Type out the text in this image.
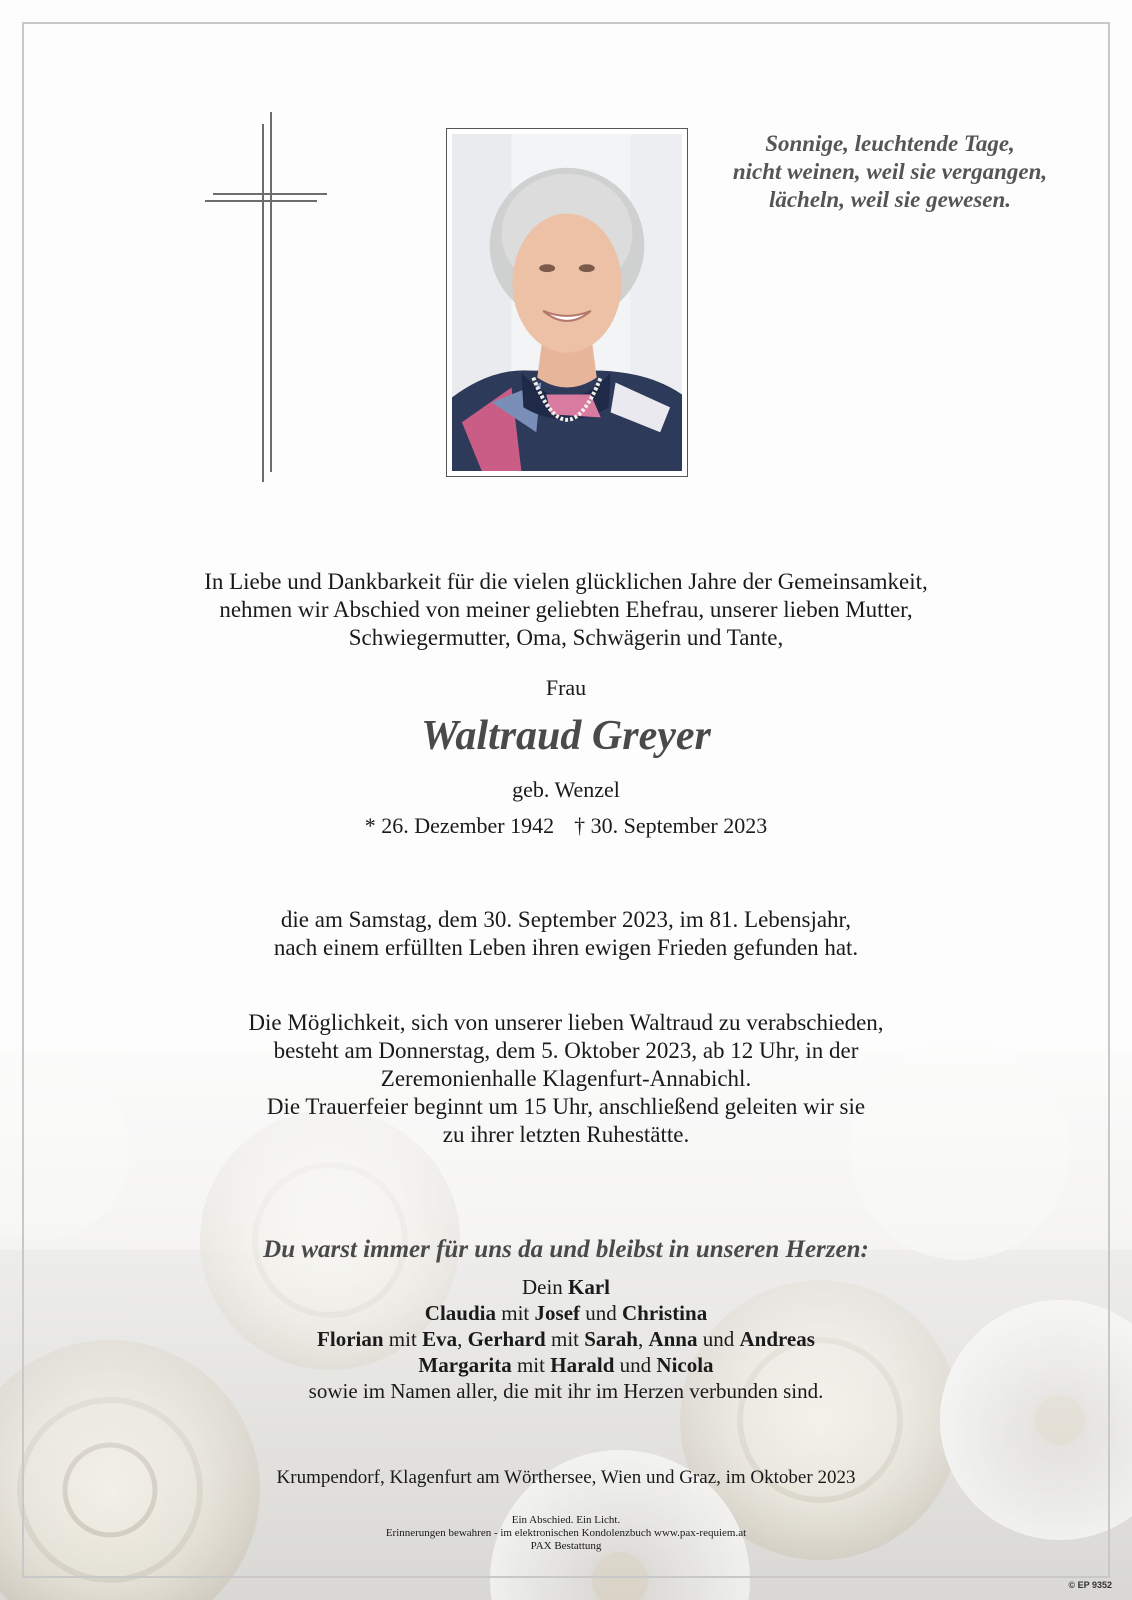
Sonnige, leuchtende Tage,
nicht weinen, weil sie vergangen,
lächeln, weil sie gewesen.
In Liebe und Dankbarkeit für die vielen glücklichen Jahre der Gemeinsamkeit,
nehmen wir Abschied von meiner geliebten Ehefrau, unserer lieben Mutter,
Schwiegermutter, Oma, Schwägerin und Tante,
Frau
Waltraud Greyer
geb. Wenzel
* 26. Dezember 1942 † 30. September 2023
die am Samstag, dem 30. September 2023, im 81. Lebensjahr,
nach einem erfüllten Leben ihren ewigen Frieden gefunden hat.
Die Möglichkeit, sich von unserer lieben Waltraud zu verabschieden,
besteht am Donnerstag, dem 5. Oktober 2023, ab 12 Uhr, in der
Zeremonienhalle Klagenfurt-Annabichl.
Die Trauerfeier beginnt um 15 Uhr, anschließend geleiten wir sie
zu ihrer letzten Ruhestätte.
Du warst immer für uns da und bleibst in unseren Herzen:
Dein Karl
Claudia mit Josef und Christina
Florian mit Eva, Gerhard mit Sarah, Anna und Andreas
Margarita mit Harald und Nicola
sowie im Namen aller, die mit ihr im Herzen verbunden sind.
Krumpendorf, Klagenfurt am Wörthersee, Wien und Graz, im Oktober 2023
Ein Abschied. Ein Licht.
Erinnerungen bewahren - im elektronischen Kondolenzbuch www.pax-requiem.at
PAX Bestattung
© EP 9352
